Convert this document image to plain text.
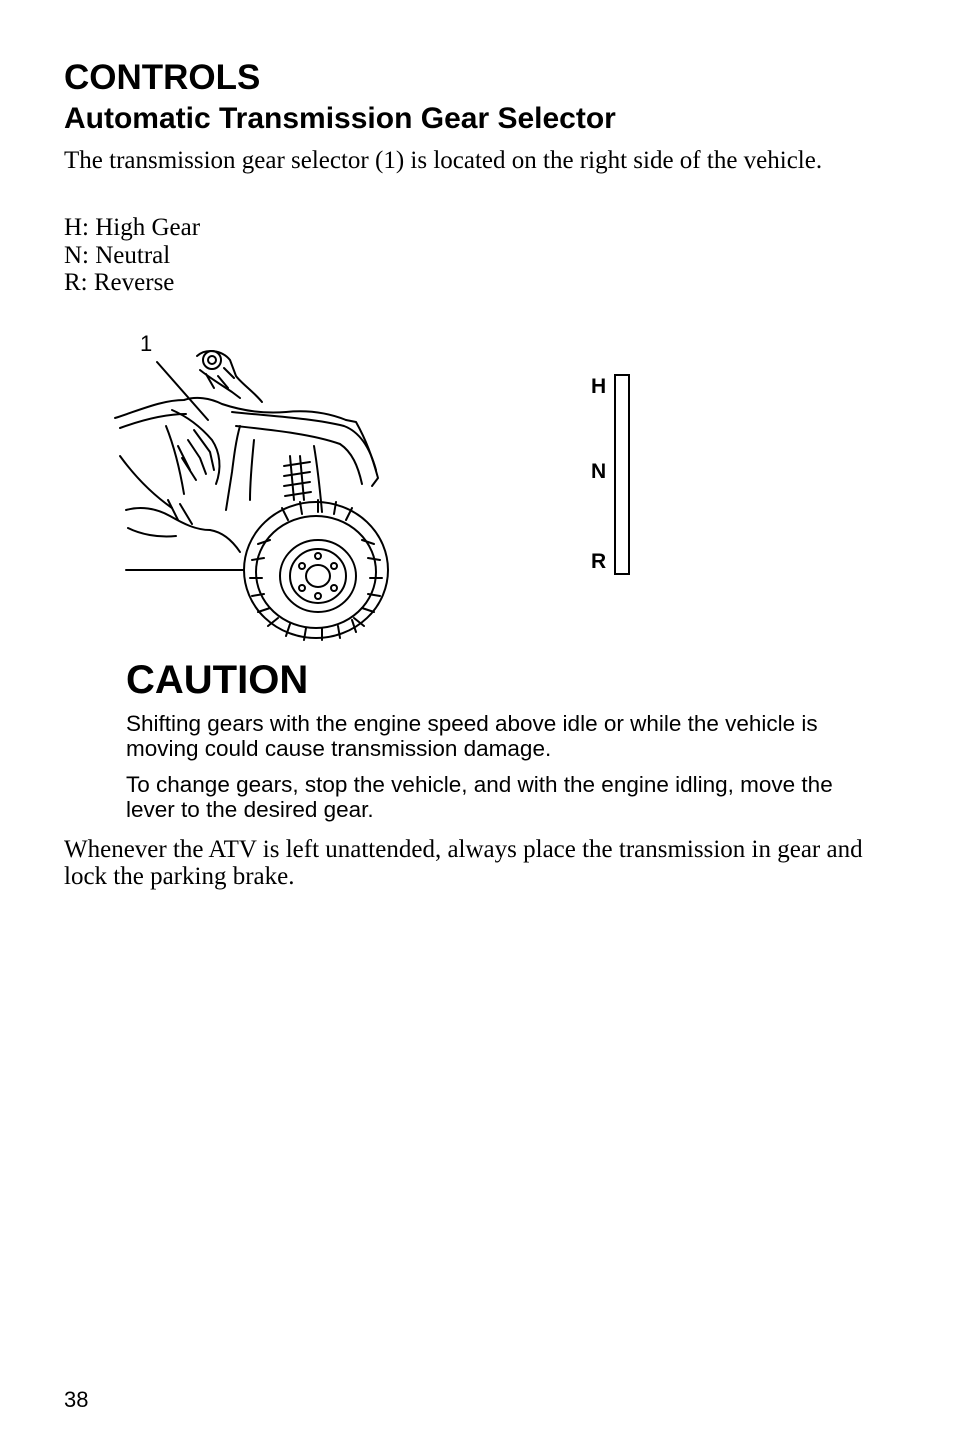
CONTROLS
Automatic Transmission Gear Selector

The transmission gear selector (1) is located on the right side of the vehicle.

H: High Gear
N: Neutral
R: Reverse
1
H
N
R
CAUTION

Shifting gears with the engine speed above idle or while the vehicle is moving could cause transmission damage.

To change gears, stop the vehicle, and with the engine idling, move the lever to the desired gear.

Whenever the ATV is left unattended, always place the transmission in gear and lock the parking brake.

38
